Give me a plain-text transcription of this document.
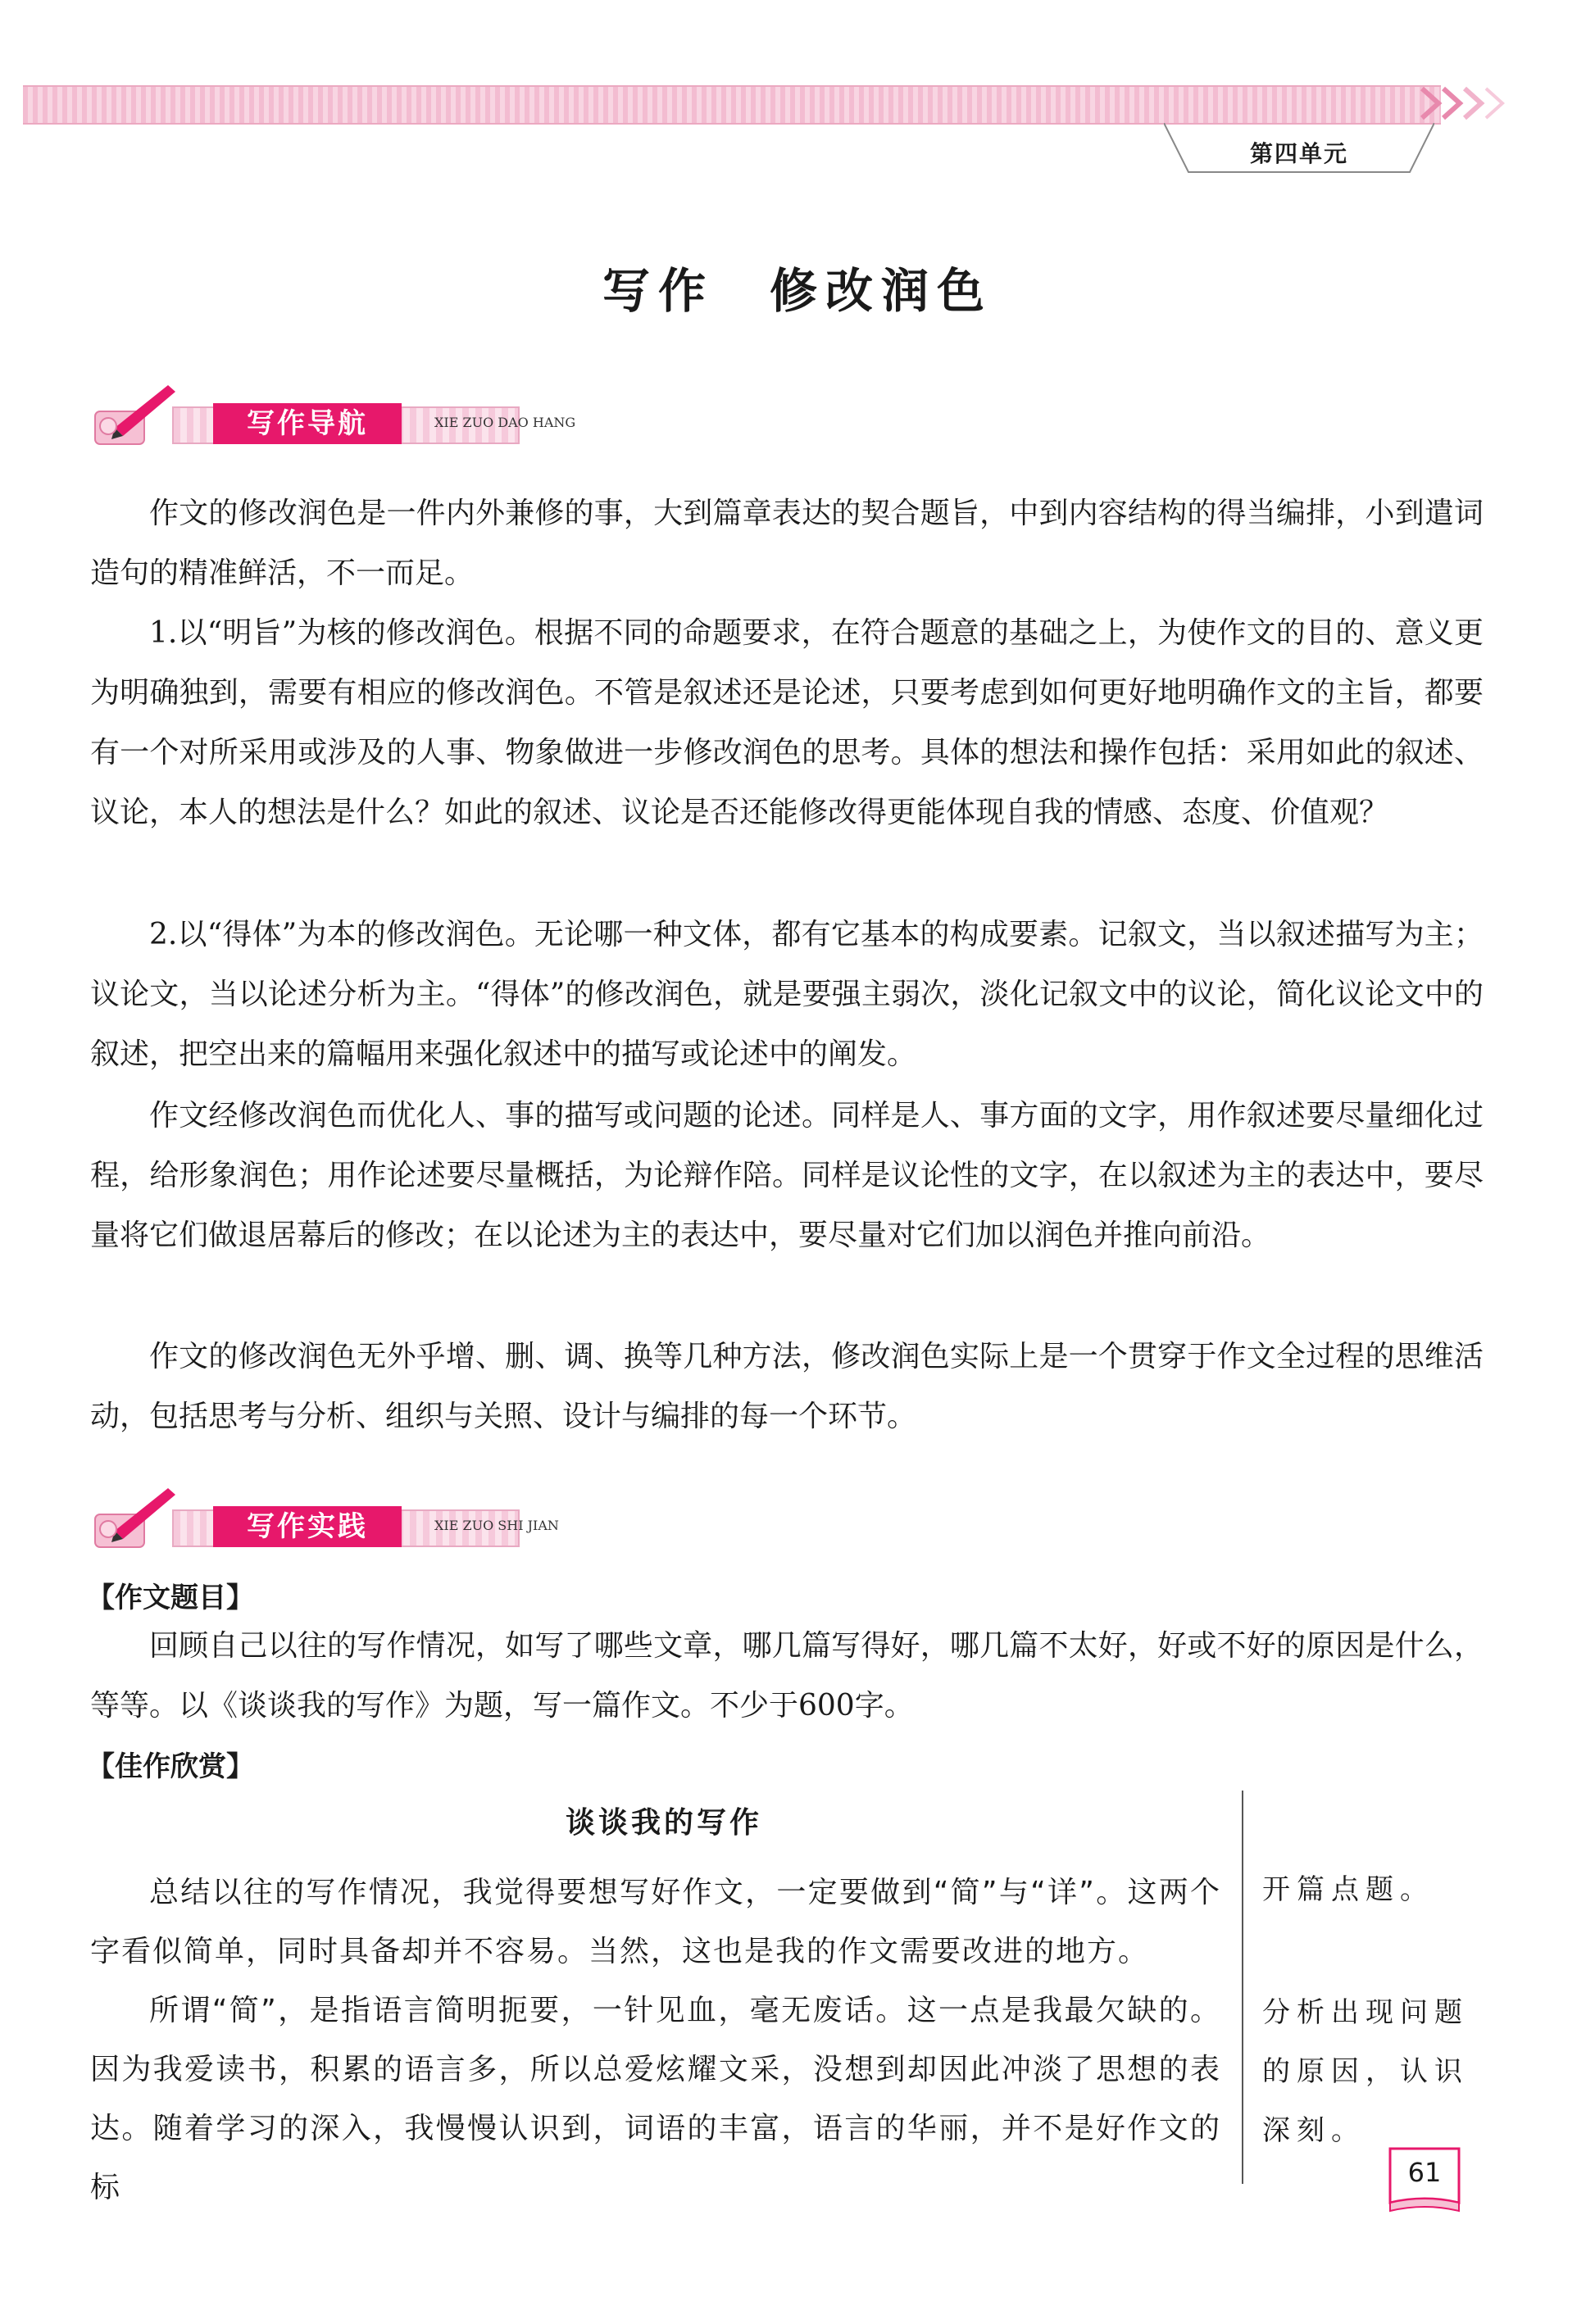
第四单元
写作　修改润色
写作导航	XIE ZUO DAO HANG

作文的修改润色是一件内外兼修的事，大到篇章表达的契合题旨，中到内容结构的得当编排，小到遣词造句的精准鲜活，不一而足。

1.以“明旨”为核的修改润色。根据不同的命题要求，在符合题意的基础之上，为使作文的目的、意义更为明确独到，需要有相应的修改润色。不管是叙述还是论述，只要考虑到如何更好地明确作文的主旨，都要有一个对所采用或涉及的人事、物象做进一步修改润色的思考。具体的想法和操作包括：采用如此的叙述、议论，本人的想法是什么？如此的叙述、议论是否还能修改得更能体现自我的情感、态度、价值观？

2.以“得体”为本的修改润色。无论哪一种文体，都有它基本的构成要素。记叙文，当以叙述描写为主；议论文，当以论述分析为主。“得体”的修改润色，就是要强主弱次，淡化记叙文中的议论，简化议论文中的叙述，把空出来的篇幅用来强化叙述中的描写或论述中的阐发。

作文经修改润色而优化人、事的描写或问题的论述。同样是人、事方面的文字，用作叙述要尽量细化过程，给形象润色；用作论述要尽量概括，为论辩作陪。同样是议论性的文字，在以叙述为主的表达中，要尽量将它们做退居幕后的修改；在以论述为主的表达中，要尽量对它们加以润色并推向前沿。

作文的修改润色无外乎增、删、调、换等几种方法，修改润色实际上是一个贯穿于作文全过程的思维活动，包括思考与分析、组织与关照、设计与编排的每一个环节。

写作实践	XIE ZUO SHI JIAN
【作文题目】

回顾自己以往的写作情况，如写了哪些文章，哪几篇写得好，哪几篇不太好，好或不好的原因是什么，等等。以《谈谈我的写作》为题，写一篇作文。不少于600字。

【佳作欣赏】
谈谈我的写作

总结以往的写作情况，我觉得要想写好作文，一定要做到“简”与“详”。这两个字看似简单，同时具备却并不容易。当然，这也是我的作文需要改进的地方。

所谓“简”，是指语言简明扼要，一针见血，毫无废话。这一点是我最欠缺的。因为我爱读书，积累的语言多，所以总爱炫耀文采，没想到却因此冲淡了思想的表达。随着学习的深入，我慢慢认识到，词语的丰富，语言的华丽，并不是好作文的标

开篇点题。
分析出现问题的原因，认识深刻。
61
